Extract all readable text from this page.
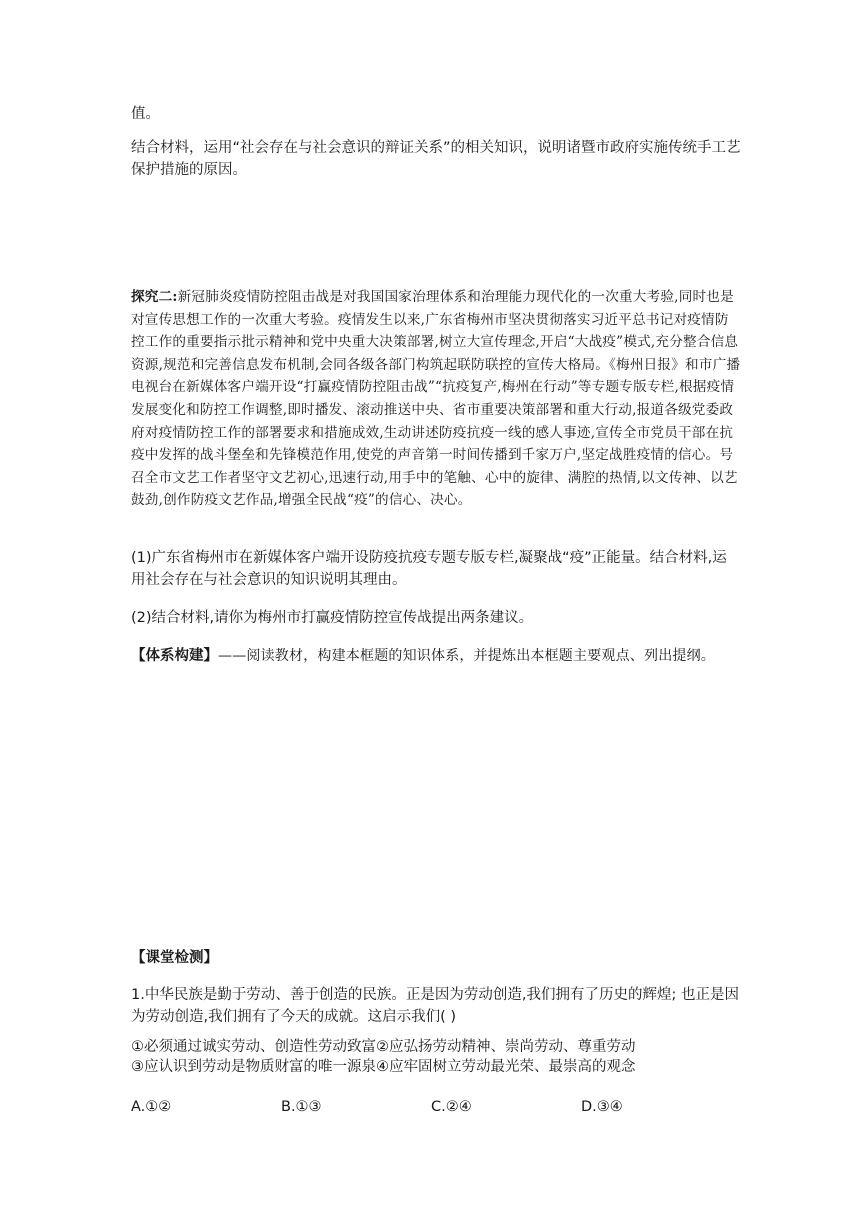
值。

结合材料，运用“社会存在与社会意识的辩证关系”的相关知识，说明诸暨市政府实施传统手工艺保护措施的原因。

探究二:新冠肺炎疫情防控阻击战是对我国国家治理体系和治理能力现代化的一次重大考验,同时也是对宣传思想工作的一次重大考验。疫情发生以来,广东省梅州市坚决贯彻落实习近平总书记对疫情防控工作的重要指示批示精神和党中央重大决策部署,树立大宣传理念,开启“大战疫”模式,充分整合信息资源,规范和完善信息发布机制,会同各级各部门构筑起联防联控的宣传大格局。《梅州日报》和市广播电视台在新媒体客户端开设“打赢疫情防控阻击战”“抗疫复产,梅州在行动”等专题专版专栏,根据疫情发展变化和防控工作调整,即时播发、滚动推送中央、省市重要决策部署和重大行动,报道各级党委政府对疫情防控工作的部署要求和措施成效,生动讲述防疫抗疫一线的感人事迹,宣传全市党员干部在抗疫中发挥的战斗堡垒和先锋模范作用,使党的声音第一时间传播到千家万户,坚定战胜疫情的信心。号召全市文艺工作者坚守文艺初心,迅速行动,用手中的笔触、心中的旋律、满腔的热情,以文传神、以艺鼓劲,创作防疫文艺作品,增强全民战“疫”的信心、决心。

(1)广东省梅州市在新媒体客户端开设防疫抗疫专题专版专栏,凝聚战“疫”正能量。结合材料,运用社会存在与社会意识的知识说明其理由。

(2)结合材料,请你为梅州市打赢疫情防控宣传战提出两条建议。

【体系构建】——阅读教材，构建本框题的知识体系，并提炼出本框题主要观点、列出提纲。

【课堂检测】

1.中华民族是勤于劳动、善于创造的民族。正是因为劳动创造,我们拥有了历史的辉煌; 也正是因为劳动创造,我们拥有了今天的成就。这启示我们( )

①必须通过诚实劳动、创造性劳动致富②应弘扬劳动精神、崇尚劳动、尊重劳动

③应认识到劳动是物质财富的唯一源泉④应牢固树立劳动最光荣、最崇高的观念

A.①②	B.①③	C.②④	D.③④
